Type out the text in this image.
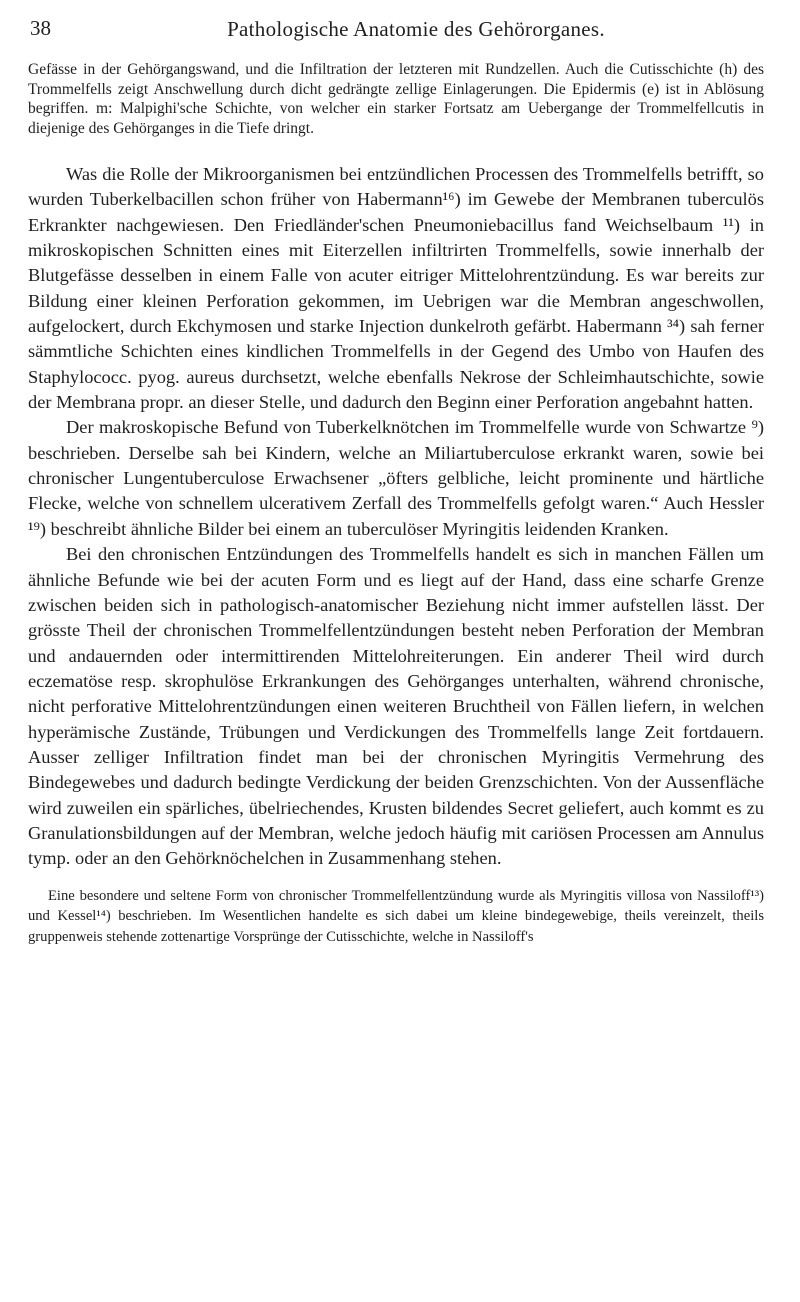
38	Pathologische Anatomie des Gehörorganes.

Gefässe in der Gehörgangswand, und die Infiltration der letzteren mit Rundzellen. Auch die Cutisschichte (h) des Trommelfells zeigt Anschwellung durch dicht gedrängte zellige Einlagerungen. Die Epidermis (e) ist in Ablösung begriffen. m: Malpighi'sche Schichte, von welcher ein starker Fortsatz am Uebergange der Trommelfellcutis in diejenige des Gehörganges in die Tiefe dringt.

Was die Rolle der Mikroorganismen bei entzündlichen Processen des Trommelfells betrifft, so wurden Tuberkelbacillen schon früher von Habermann¹⁶) im Gewebe der Membranen tuberculös Erkrankter nachgewiesen. Den Friedländer'schen Pneumoniebacillus fand Weichselbaum ¹¹) in mikroskopischen Schnitten eines mit Eiterzellen infiltrirten Trommelfells, sowie innerhalb der Blutgefässe desselben in einem Falle von acuter eitriger Mittelohrentzündung. Es war bereits zur Bildung einer kleinen Perforation gekommen, im Uebrigen war die Membran angeschwollen, aufgelockert, durch Ekchymosen und starke Injection dunkelroth gefärbt. Habermann ³⁴) sah ferner sämmtliche Schichten eines kindlichen Trommelfells in der Gegend des Umbo von Haufen des Staphylococc. pyog. aureus durchsetzt, welche ebenfalls Nekrose der Schleimhautschichte, sowie der Membrana propr. an dieser Stelle, und dadurch den Beginn einer Perforation angebahnt hatten.

Der makroskopische Befund von Tuberkelknötchen im Trommelfelle wurde von Schwartze ⁹) beschrieben. Derselbe sah bei Kindern, welche an Miliartuberculose erkrankt waren, sowie bei chronischer Lungentuberculose Erwachsener „öfters gelbliche, leicht prominente und härtliche Flecke, welche von schnellem ulcerativem Zerfall des Trommelfells gefolgt waren.“ Auch Hessler ¹⁹) beschreibt ähnliche Bilder bei einem an tuberculöser Myringitis leidenden Kranken.

Bei den chronischen Entzündungen des Trommelfells handelt es sich in manchen Fällen um ähnliche Befunde wie bei der acuten Form und es liegt auf der Hand, dass eine scharfe Grenze zwischen beiden sich in pathologisch-anatomischer Beziehung nicht immer aufstellen lässt. Der grösste Theil der chronischen Trommelfellentzündungen besteht neben Perforation der Membran und andauernden oder intermittirenden Mittelohreiterungen. Ein anderer Theil wird durch eczematöse resp. skrophulöse Erkrankungen des Gehörganges unterhalten, während chronische, nicht perforative Mittelohrentzündungen einen weiteren Bruchtheil von Fällen liefern, in welchen hyperämische Zustände, Trübungen und Verdickungen des Trommelfells lange Zeit fortdauern. Ausser zelliger Infiltration findet man bei der chronischen Myringitis Vermehrung des Bindegewebes und dadurch bedingte Verdickung der beiden Grenzschichten. Von der Aussenfläche wird zuweilen ein spärliches, übelriechendes, Krusten bildendes Secret geliefert, auch kommt es zu Granulationsbildungen auf der Membran, welche jedoch häufig mit cariösen Processen am Annulus tymp. oder an den Gehörknöchelchen in Zusammenhang stehen.

Eine besondere und seltene Form von chronischer Trommelfellentzündung wurde als Myringitis villosa von Nassiloff¹³) und Kessel¹⁴) beschrieben. Im Wesentlichen handelte es sich dabei um kleine bindegewebige, theils vereinzelt, theils gruppenweis stehende zottenartige Vorsprünge der Cutisschichte, welche in Nassiloff's
